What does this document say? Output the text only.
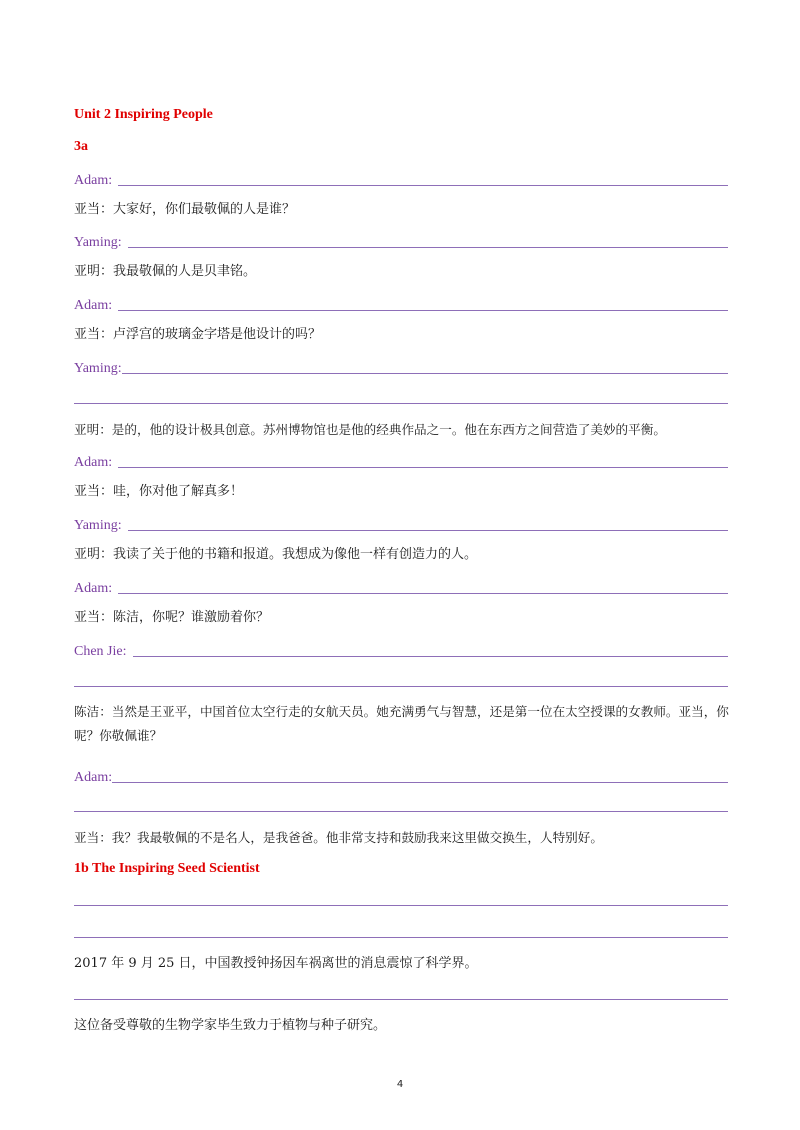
Unit 2 Inspiring People
3a
Adam:
亚当：大家好，你们最敬佩的人是谁？
Yaming:
亚明：我最敬佩的人是贝聿铭。
Adam:
亚当：卢浮宫的玻璃金字塔是他设计的吗？
Yaming:
亚明：是的，他的设计极具创意。苏州博物馆也是他的经典作品之一。他在东西方之间营造了美妙的平衡。
Adam:
亚当：哇，你对他了解真多！
Yaming:
亚明：我读了关于他的书籍和报道。我想成为像他一样有创造力的人。
Adam:
亚当：陈洁，你呢？谁激励着你？
Chen Jie:
陈洁：当然是王亚平，中国首位太空行走的女航天员。她充满勇气与智慧，还是第一位在太空授课的女教师。亚当，你呢？你敬佩谁？
Adam:
亚当：我？我最敬佩的不是名人，是我爸爸。他非常支持和鼓励我来这里做交换生，人特别好。
1b The Inspiring Seed Scientist
2017 年 9 月 25 日，中国教授钟扬因车祸离世的消息震惊了科学界。
这位备受尊敬的生物学家毕生致力于植物与种子研究。
4
